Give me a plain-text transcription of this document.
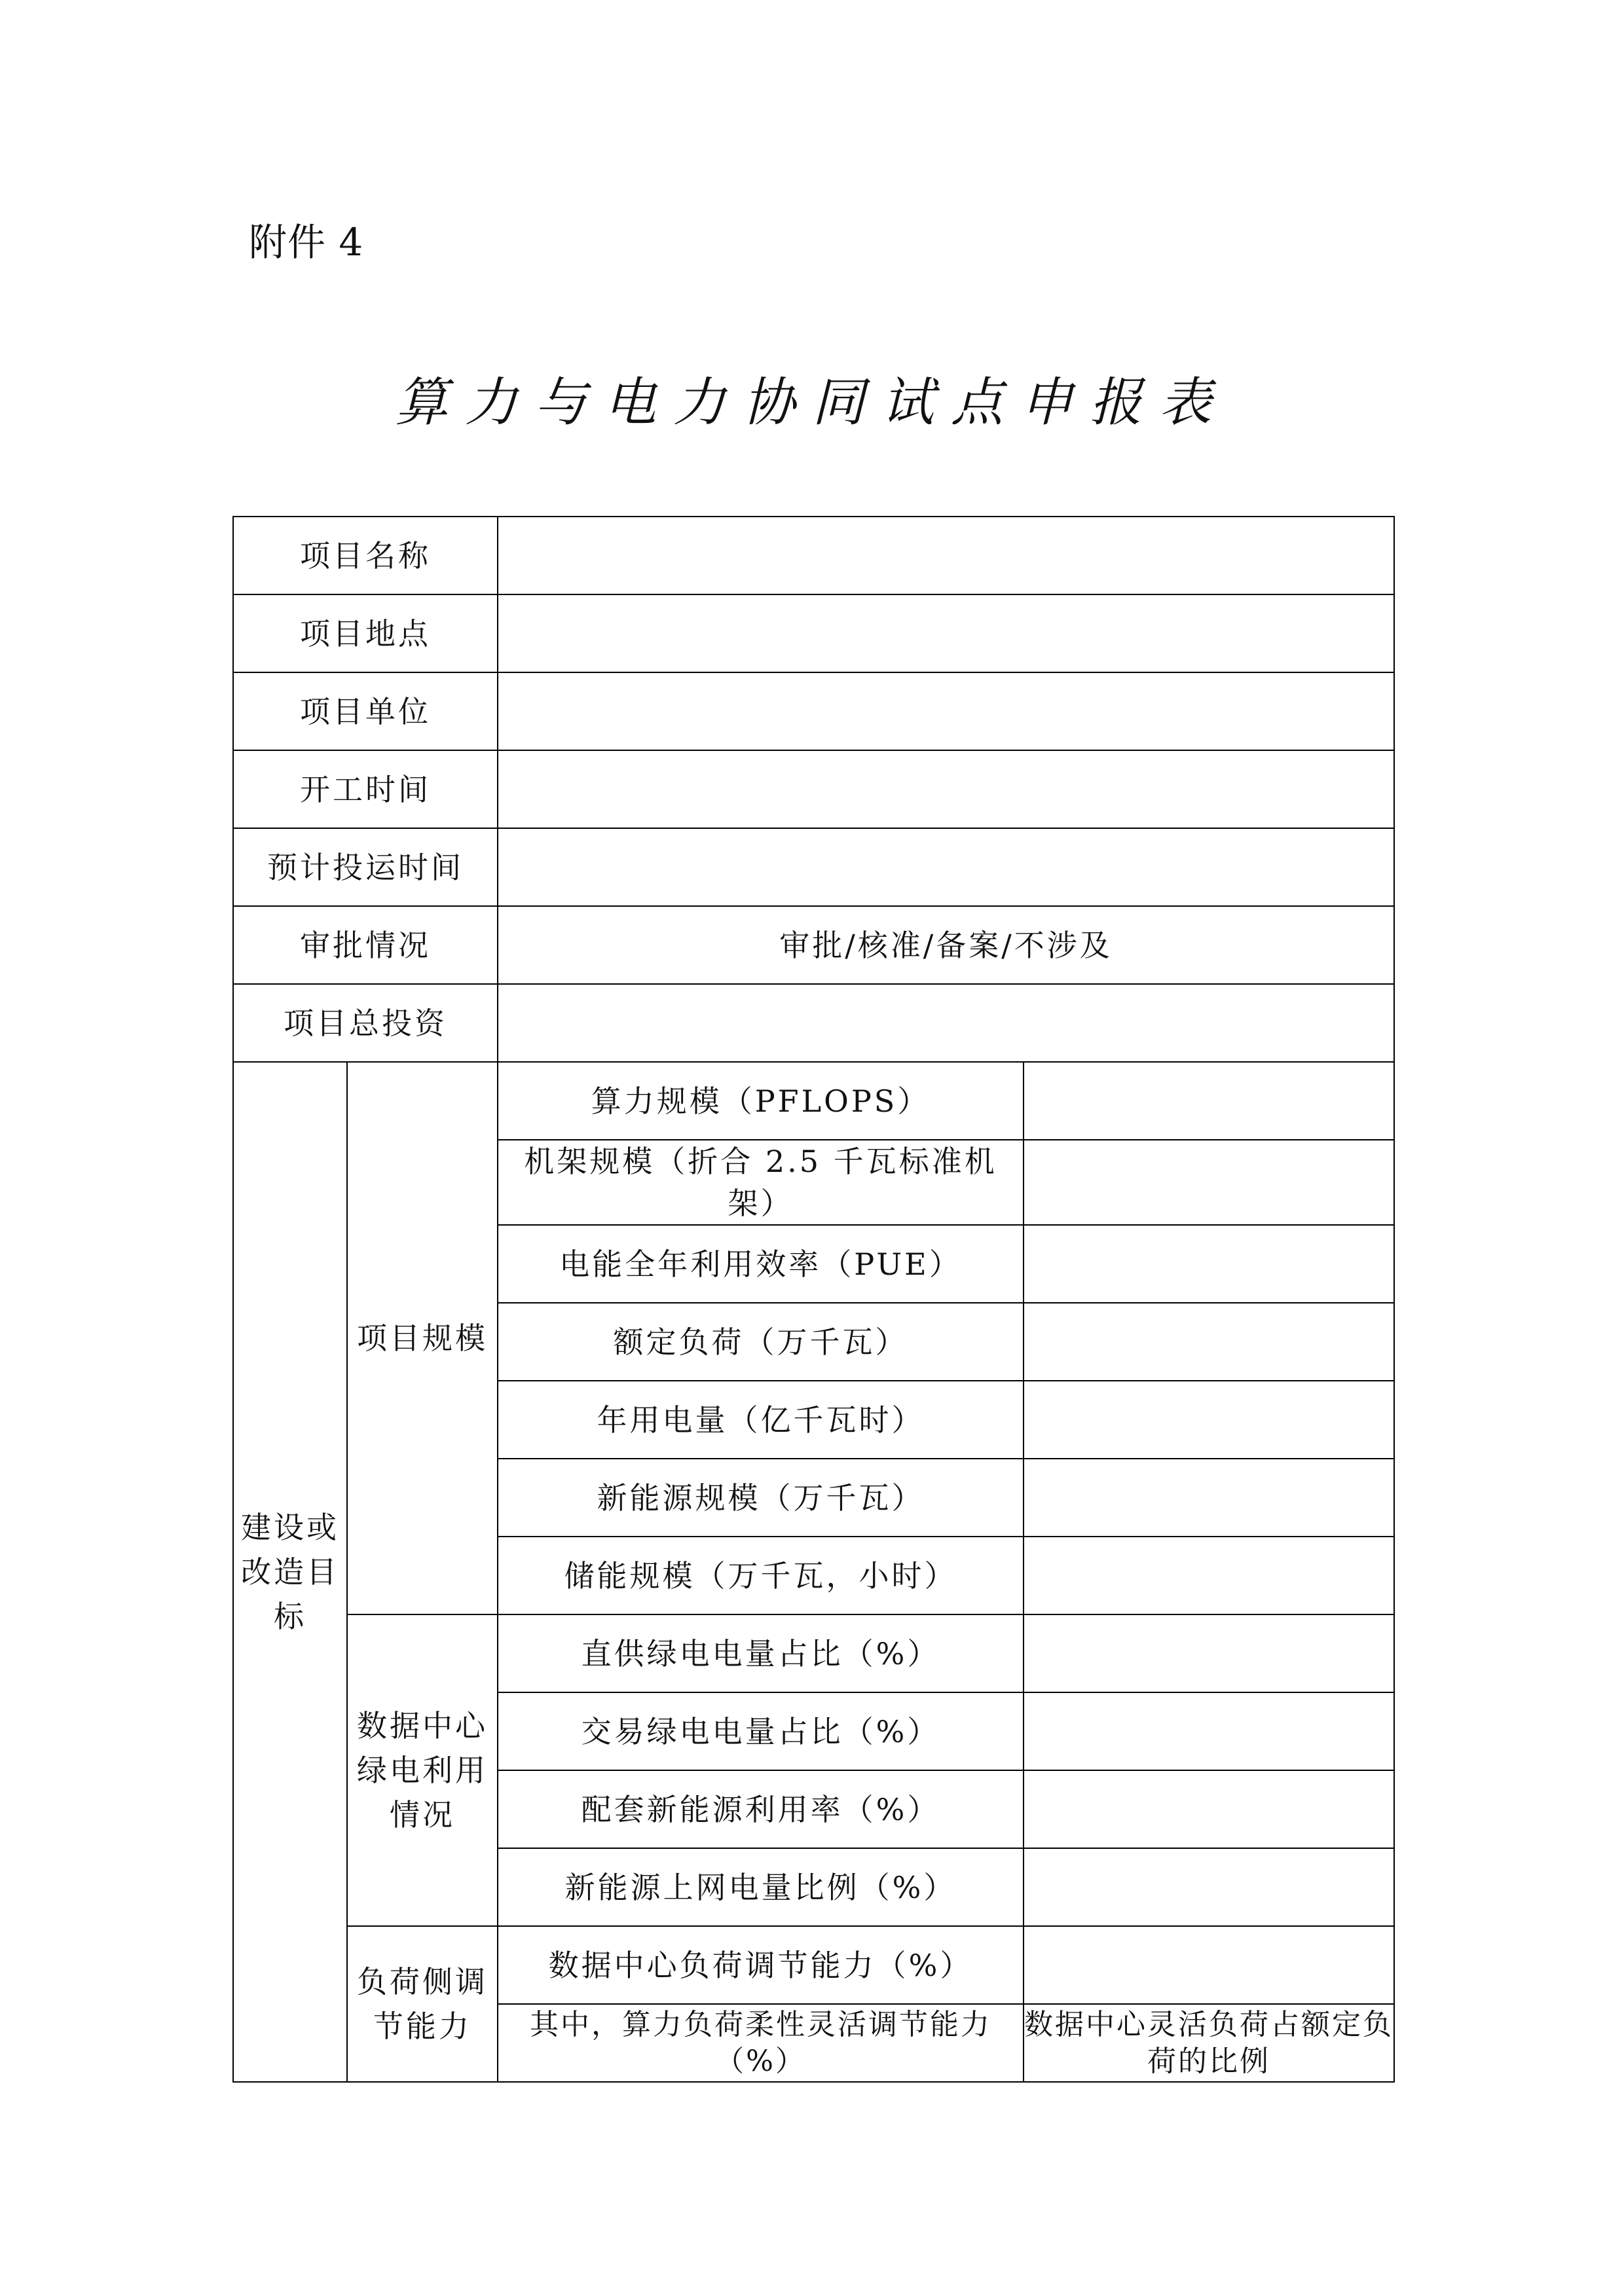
附件 4
算力与电力协同试点申报表
项目名称			
项目地点			
项目单位			
开工时间			
预计投运时间			
审批情况		审批/核准/备案/不涉及	
项目总投资			
建设或改造目标	项目规模	算力规模（PFLOPS）	
		机架规模（折合 2.5 千瓦标准机架）	
		电能全年利用效率（PUE）	
		额定负荷（万千瓦）	
		年用电量（亿千瓦时）	
		新能源规模（万千瓦）	
		储能规模（万千瓦，小时）	
	数据中心绿电利用情况	直供绿电电量占比（%）	
		交易绿电电量占比（%）	
		配套新能源利用率（%）	
		新能源上网电量比例（%）	
	负荷侧调节能力	数据中心负荷调节能力（%）	
		其中，算力负荷柔性灵活调节能力（%）	数据中心灵活负荷占额定负荷的比例
